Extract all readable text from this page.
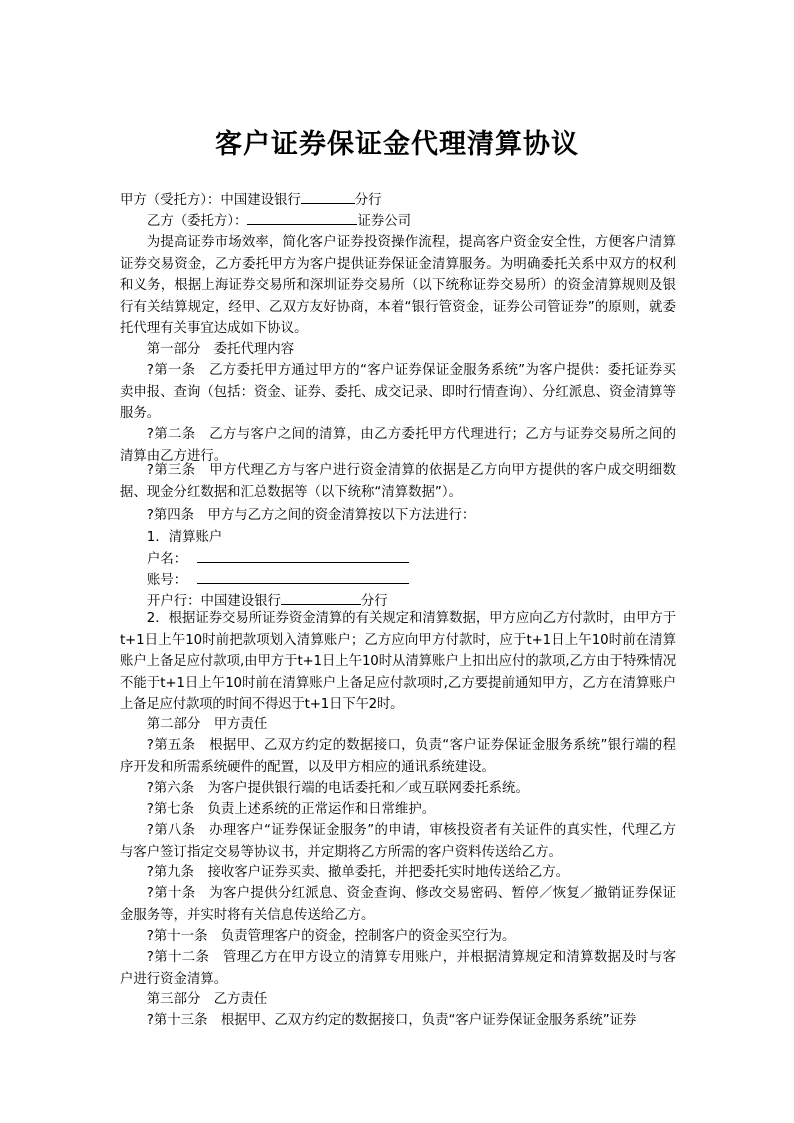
客户证券保证金代理清算协议

甲方（受托方）：中国建设银行	分行

乙方（委托方）：	证券公司

为提高证券市场效率，简化客户证券投资操作流程，提高客户资金安全性，方便客户清算证券交易资金，乙方委托甲方为客户提供证券保证金清算服务。为明确委托关系中双方的权利和义务，根据上海证券交易所和深圳证券交易所（以下统称证券交易所）的资金清算规则及银行有关结算规定，经甲、乙双方友好协商，本着“银行管资金，证券公司管证券”的原则，就委托代理有关事宜达成如下协议。

第一部分　委托代理内容

?第一条　乙方委托甲方通过甲方的“客户证券保证金服务系统”为客户提供：委托证券买卖申报、查询（包括：资金、证券、委托、成交记录、即时行情查询）、分红派息、资金清算等服务。

?第二条　乙方与客户之间的清算，由乙方委托甲方代理进行；乙方与证券交易所之间的清算由乙方进行。

?第三条　甲方代理乙方与客户进行资金清算的依据是乙方向甲方提供的客户成交明细数据、现金分红数据和汇总数据等（以下统称“清算数据”）。

?第四条　甲方与乙方之间的资金清算按以下方法进行：

1．清算账户

户名：

账号：

开户行：中国建设银行	分行

2．根据证券交易所证券资金清算的有关规定和清算数据，甲方应向乙方付款时，由甲方于t+1日上午10时前把款项划入清算账户；乙方应向甲方付款时，应于t+1日上午10时前在清算账户上备足应付款项,由甲方于t+1日上午10时从清算账户上扣出应付的款项,乙方由于特殊情况不能于t+1日上午10时前在清算账户上备足应付款项时,乙方要提前通知甲方，乙方在清算账户上备足应付款项的时间不得迟于t+1日下午2时。

第二部分　甲方责任

?第五条　根据甲、乙双方约定的数据接口，负责“客户证券保证金服务系统”银行端的程序开发和所需系统硬件的配置，以及甲方相应的通讯系统建设。

?第六条　为客户提供银行端的电话委托和／或互联网委托系统。

?第七条　负责上述系统的正常运作和日常维护。

?第八条　办理客户“证券保证金服务”的申请，审核投资者有关证件的真实性，代理乙方与客户签订指定交易等协议书，并定期将乙方所需的客户资料传送给乙方。

?第九条　接收客户证券买卖、撤单委托，并把委托实时地传送给乙方。

?第十条　为客户提供分红派息、资金查询、修改交易密码、暂停／恢复／撤销证券保证金服务等，并实时将有关信息传送给乙方。

?第十一条　负责管理客户的资金，控制客户的资金买空行为。

?第十二条　管理乙方在甲方设立的清算专用账户，并根据清算规定和清算数据及时与客户进行资金清算。

第三部分　乙方责任

?第十三条　根据甲、乙双方约定的数据接口，负责“客户证券保证金服务系统”证券
